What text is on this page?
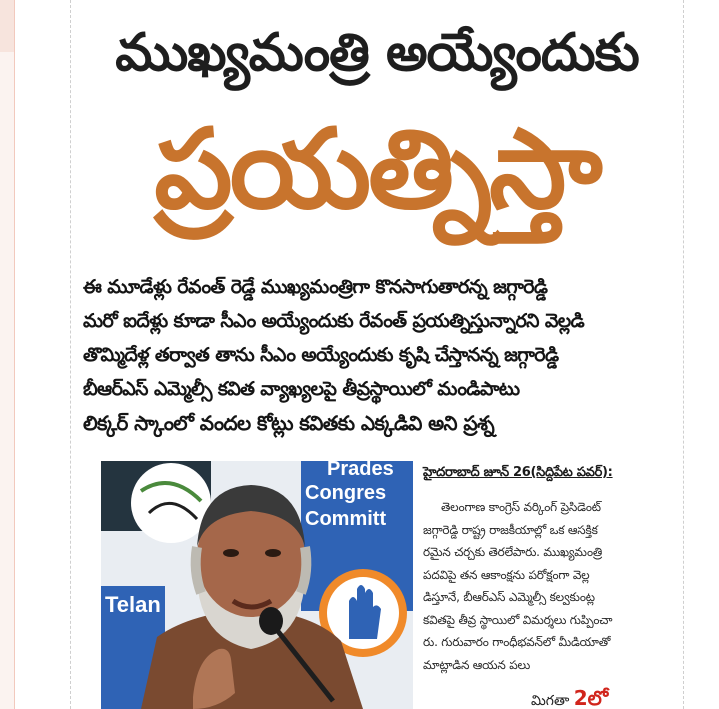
ముఖ్యమంత్రి అయ్యేందుకు
ప్రయత్నిస్తా
ఈ మూడేళ్లు రేవంత్ రెడ్డే ముఖ్యమంత్రిగా కొనసాగుతారన్న జగ్గారెడ్డి
మరో ఐదేళ్లు కూడా సీఎం అయ్యేందుకు రేవంత్ ప్రయత్నిస్తున్నారని వెల్లడి
తొమ్మిదేళ్ల తర్వాత తాను సీఎం అయ్యేందుకు కృషి చేస్తానన్న జగ్గారెడ్డి
బీఆర్ఎస్ ఎమ్మెల్సీ కవిత వ్యాఖ్యలపై తీవ్రస్థాయిలో మండిపాటు
లిక్కర్ స్కాంలో వందల కోట్లు కవితకు ఎక్కడివి అని ప్రశ్న
Prades
Congres
Committ
Telan
హైదరాబాద్ జూన్ 26(సిద్దిపేట పవర్):
తెలంగాణ కాంగ్రెస్ వర్కింగ్ ప్రెసిడెంట్
జగ్గారెడ్డి రాష్ట్ర రాజకీయాల్లో ఒక ఆసక్తిక
రమైన చర్చకు తెరలేపారు. ముఖ్యమంత్రి
పదవిపై తన ఆకాంక్షను పరోక్షంగా వెల్ల
డిస్తూనే, బీఆర్ఎస్ ఎమ్మెల్సీ కల్వకుంట్ల
కవితపై తీవ్ర స్థాయిలో విమర్శలు గుప్పించా
రు. గురువారం గాంధీభవన్‌లో మీడియాతో
మాట్లాడిన ఆయన పలు
మిగతా 2లో
